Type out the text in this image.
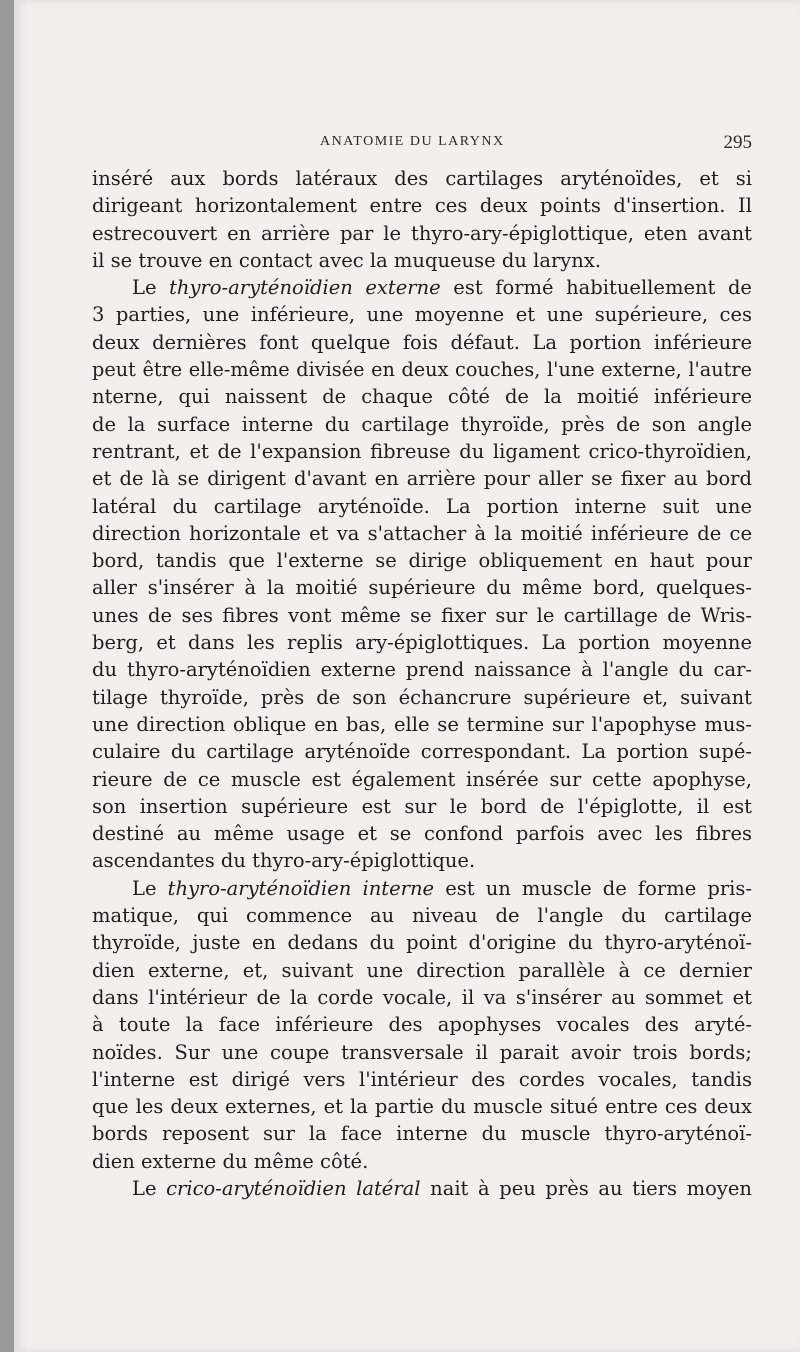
ANATOMIE DU LARYNX	295
inséré aux bords latéraux des cartilages aryténoïdes, et si
dirigeant horizontalement entre ces deux points d'insertion. Il
estrecouvert en arrière par le thyro-ary-épiglottique, eten avant
il se trouve en contact avec la muqueuse du larynx.
Le thyro-aryténoïdien externe est formé habituellement de
3 parties, une inférieure, une moyenne et une supérieure, ces
deux dernières font quelque fois défaut. La portion inférieure
peut être elle-même divisée en deux couches, l'une externe, l'autre
nterne, qui naissent de chaque côté de la moitié inférieure
de la surface interne du cartilage thyroïde, près de son angle
rentrant, et de l'expansion fibreuse du ligament crico-thyroïdien,
et de là se dirigent d'avant en arrière pour aller se fixer au bord
latéral du cartilage aryténoïde. La portion interne suit une
direction horizontale et va s'attacher à la moitié inférieure de ce
bord, tandis que l'externe se dirige obliquement en haut pour
aller s'insérer à la moitié supérieure du même bord, quelques-
unes de ses fibres vont même se fixer sur le cartillage de Wris-
berg, et dans les replis ary-épiglottiques. La portion moyenne
du thyro-aryténoïdien externe prend naissance à l'angle du car-
tilage thyroïde, près de son échancrure supérieure et, suivant
une direction oblique en bas, elle se termine sur l'apophyse mus-
culaire du cartilage aryténoïde correspondant. La portion supé-
rieure de ce muscle est également insérée sur cette apophyse,
son insertion supérieure est sur le bord de l'épiglotte, il est
destiné au même usage et se confond parfois avec les fibres
ascendantes du thyro-ary-épiglottique.
Le thyro-aryténoïdien interne est un muscle de forme pris-
matique, qui commence au niveau de l'angle du cartilage
thyroïde, juste en dedans du point d'origine du thyro-aryténoï-
dien externe, et, suivant une direction parallèle à ce dernier
dans l'intérieur de la corde vocale, il va s'insérer au sommet et
à toute la face inférieure des apophyses vocales des aryté-
noïdes. Sur une coupe transversale il parait avoir trois bords;
l'interne est dirigé vers l'intérieur des cordes vocales, tandis
que les deux externes, et la partie du muscle situé entre ces deux
bords reposent sur la face interne du muscle thyro-aryténoï-
dien externe du même côté.
Le crico-aryténoïdien latéral nait à peu près au tiers moyen
